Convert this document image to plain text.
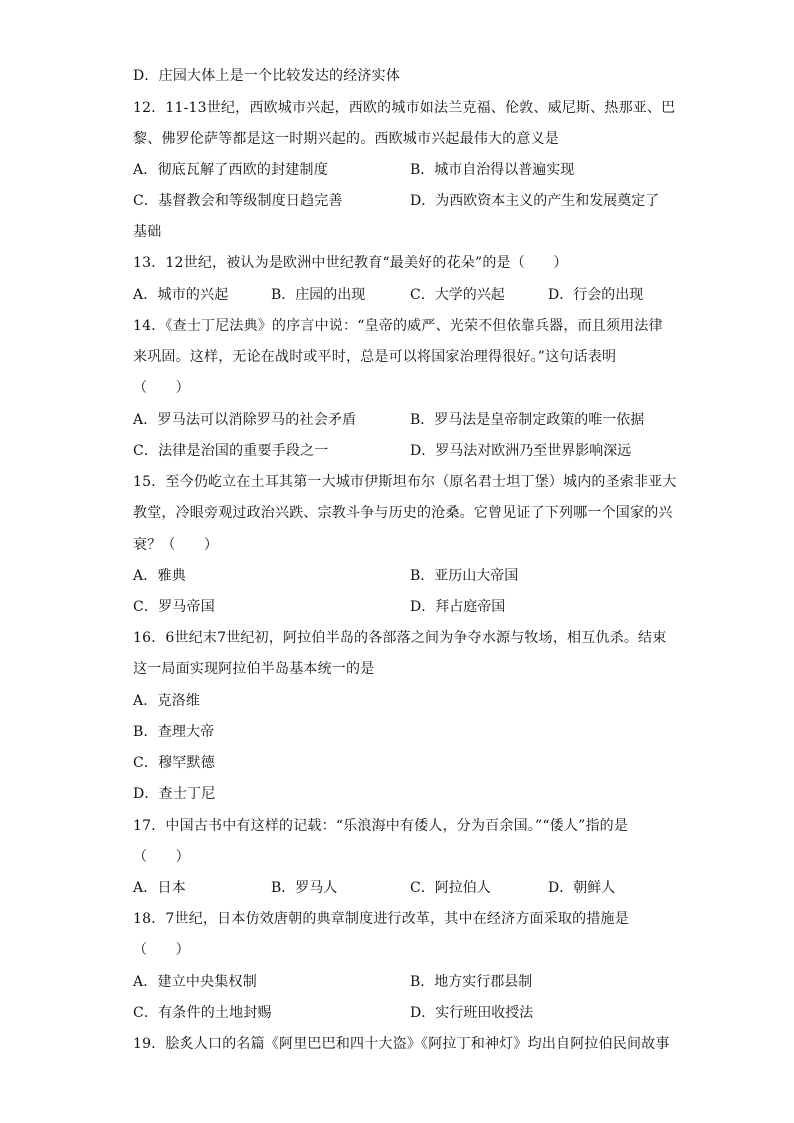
D．庄园大体上是一个比较发达的经济实体
12．11-13世纪，西欧城市兴起，西欧的城市如法兰克福、伦敦、威尼斯、热那亚、巴
黎、佛罗伦萨等都是这一时期兴起的。西欧城市兴起最伟大的意义是
A．彻底瓦解了西欧的封建制度	B．城市自治得以普遍实现
C．基督教会和等级制度日趋完善	D．为西欧资本主义的产生和发展奠定了
基础
13．12世纪，被认为是欧洲中世纪教育“最美好的花朵”的是（　　）
A．城市的兴起	B．庄园的出现	C．大学的兴起	D．行会的出现
14．《查士丁尼法典》的序言中说：“皇帝的威严、光荣不但依靠兵器，而且须用法律
来巩固。这样，无论在战时或平时，总是可以将国家治理得很好。”这句话表明
（　　）
A．罗马法可以消除罗马的社会矛盾	B．罗马法是皇帝制定政策的唯一依据
C．法律是治国的重要手段之一	D．罗马法对欧洲乃至世界影响深远
15．至今仍屹立在土耳其第一大城市伊斯坦布尔（原名君士坦丁堡）城内的圣索非亚大
教堂，冷眼旁观过政治兴跌、宗教斗争与历史的沧桑。它曾见证了下列哪一个国家的兴
衰？（　　）
A．雅典	B．亚历山大帝国
C．罗马帝国	D．拜占庭帝国
16．6世纪末7世纪初，阿拉伯半岛的各部落之间为争夺水源与牧场，相互仇杀。结束
这一局面实现阿拉伯半岛基本统一的是
A．克洛维
B．查理大帝
C．穆罕默德
D．查士丁尼
17．中国古书中有这样的记载：“乐浪海中有倭人，分为百余国。”“倭人”指的是
（　　）
A．日本	B．罗马人	C．阿拉伯人	D．朝鲜人
18．7世纪，日本仿效唐朝的典章制度进行改革，其中在经济方面采取的措施是
（　　）
A．建立中央集权制	B．地方实行郡县制
C．有条件的土地封赐	D．实行班田收授法
19．脍炙人口的名篇《阿里巴巴和四十大盗》《阿拉丁和神灯》均出自阿拉伯民间故事
